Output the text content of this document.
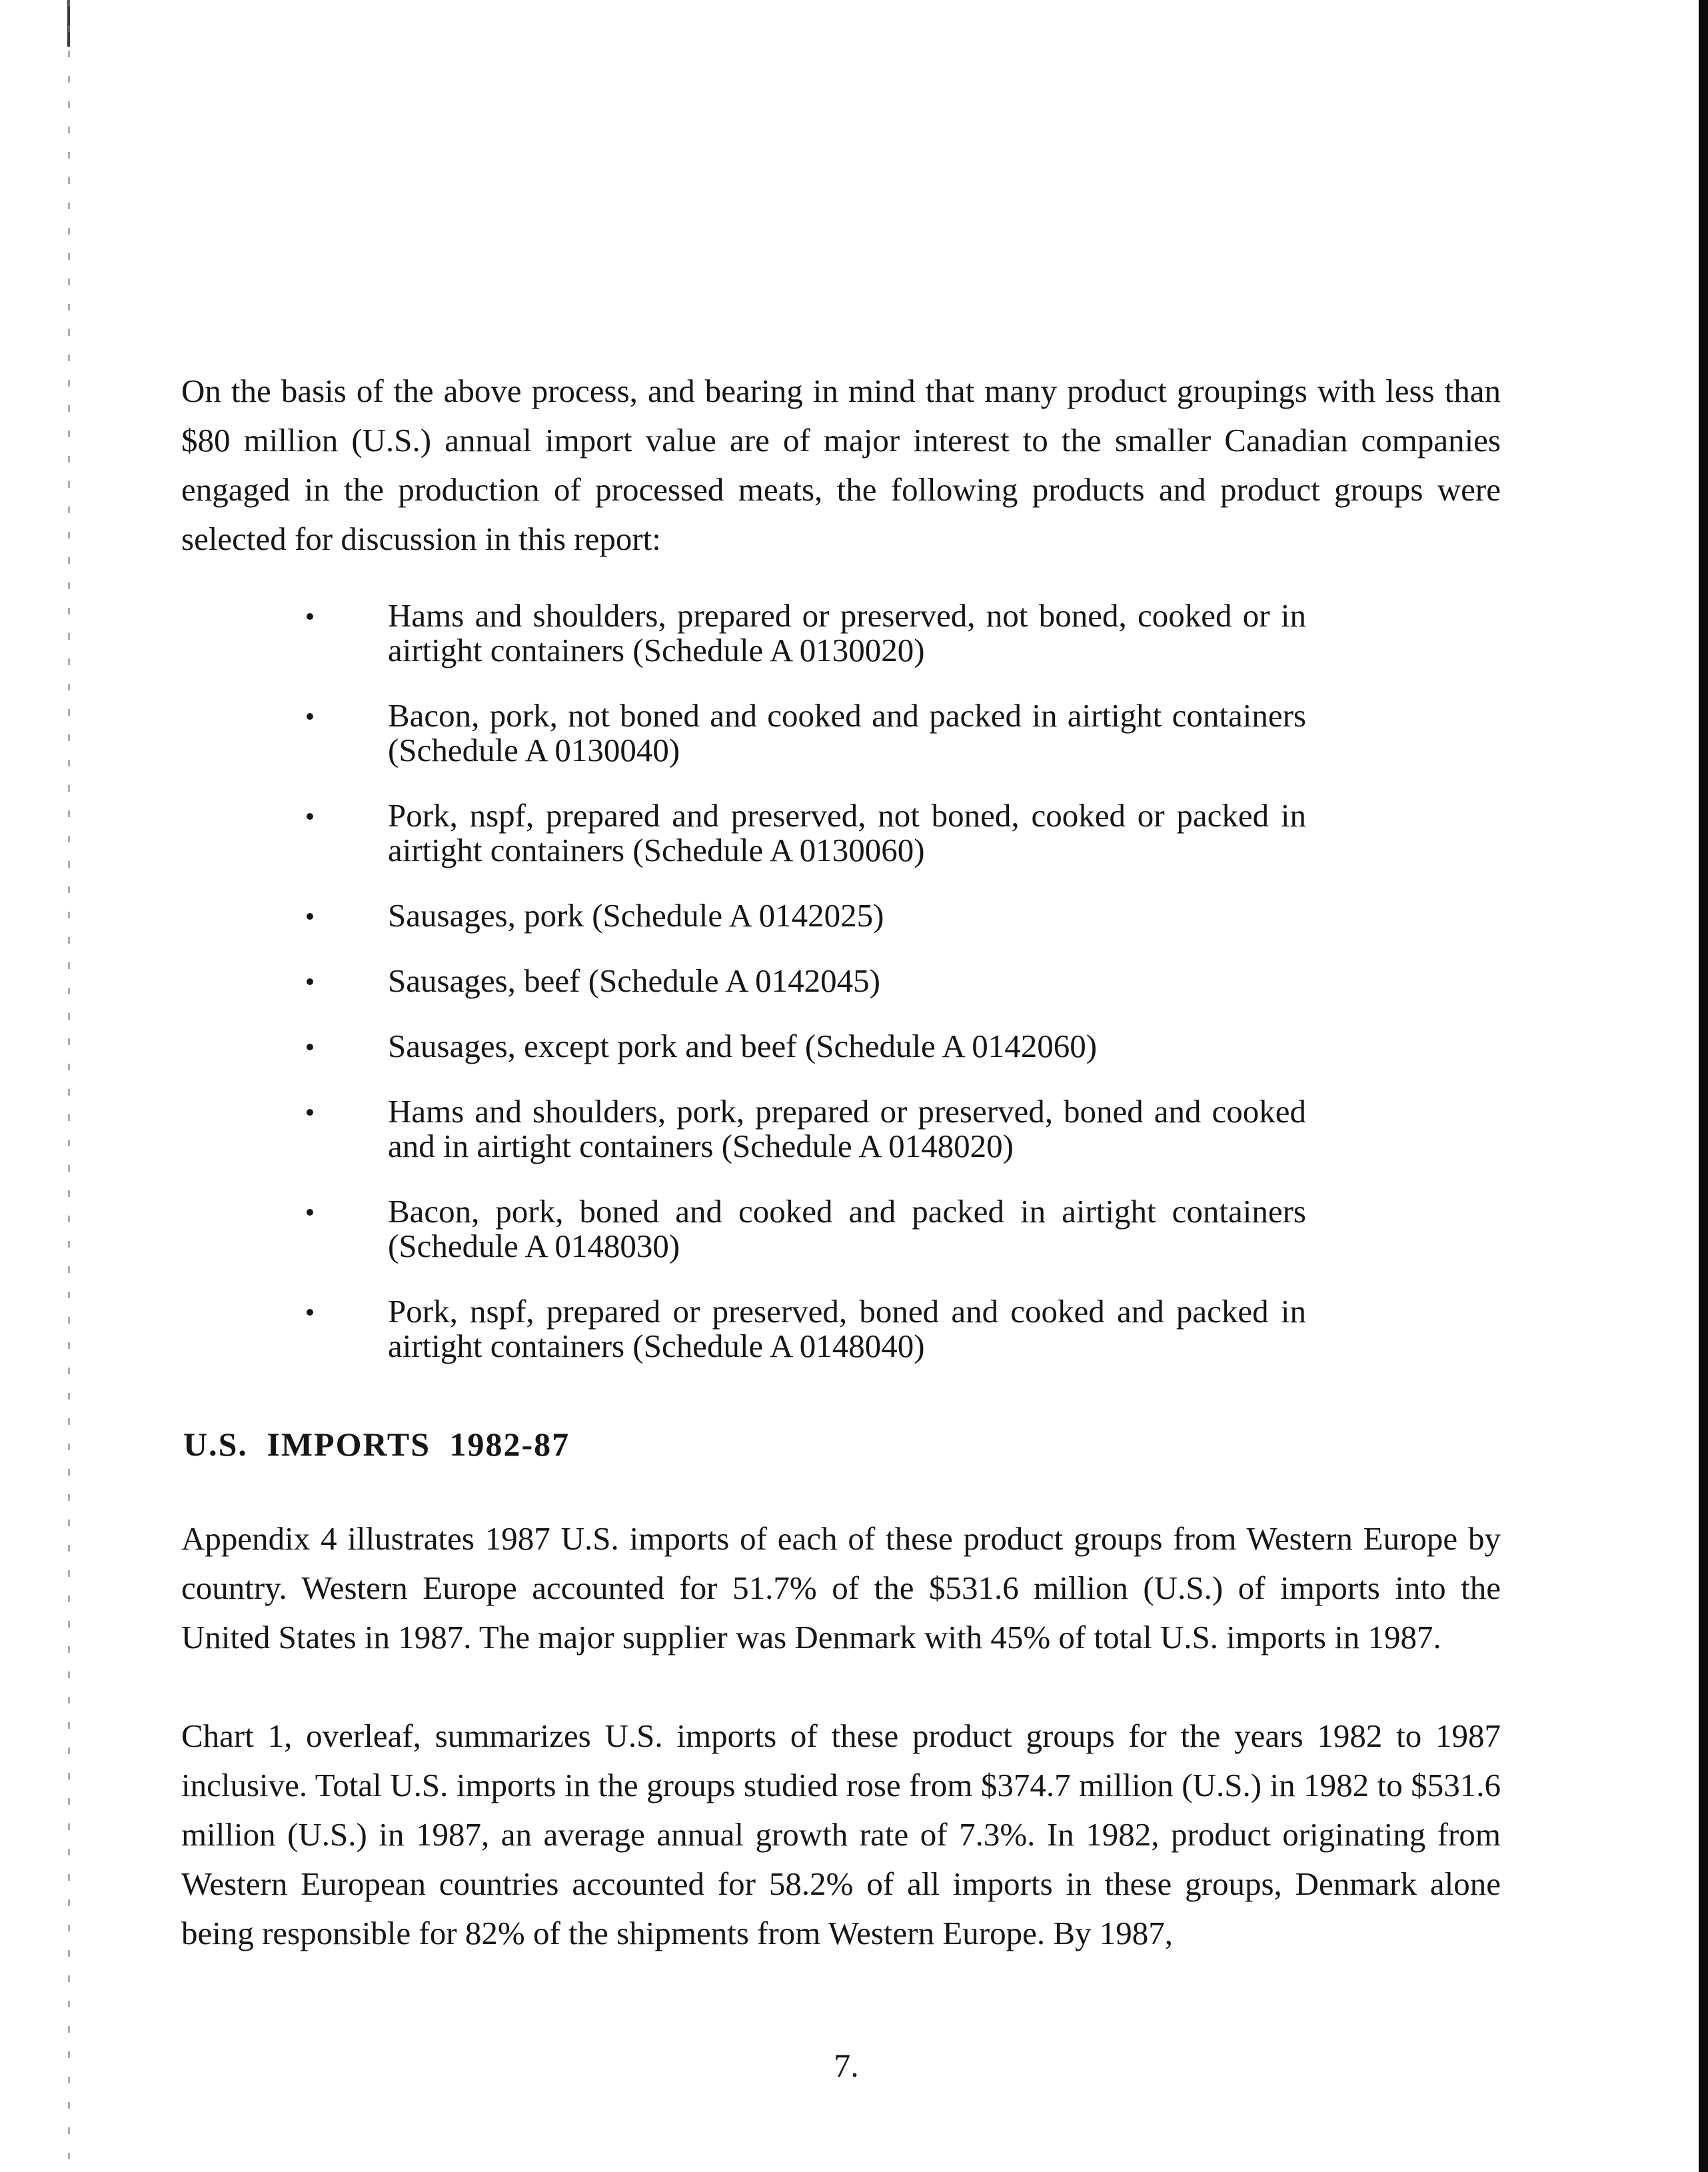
On the basis of the above process, and bearing in mind that many product groupings with less than $80 million (U.S.) annual import value are of major interest to the smaller Canadian companies engaged in the production of processed meats, the following products and product groups were selected for discussion in this report:

Hams and shoulders, prepared or preserved, not boned, cooked or in airtight containers (Schedule A 0130020)
Bacon, pork, not boned and cooked and packed in airtight containers (Schedule A 0130040)
Pork, nspf, prepared and preserved, not boned, cooked or packed in airtight containers (Schedule A 0130060)
Sausages, pork (Schedule A 0142025)
Sausages, beef (Schedule A 0142045)
Sausages, except pork and beef (Schedule A 0142060)
Hams and shoulders, pork, prepared or preserved, boned and cooked and in airtight containers (Schedule A 0148020)
Bacon, pork, boned and cooked and packed in airtight containers (Schedule A 0148030)
Pork, nspf, prepared or preserved, boned and cooked and packed in airtight containers (Schedule A 0148040)
U.S. IMPORTS 1982-87

Appendix 4 illustrates 1987 U.S. imports of each of these product groups from Western Europe by country. Western Europe accounted for 51.7% of the $531.6 million (U.S.) of imports into the United States in 1987. The major supplier was Denmark with 45% of total U.S. imports in 1987.

Chart 1, overleaf, summarizes U.S. imports of these product groups for the years 1982 to 1987 inclusive. Total U.S. imports in the groups studied rose from $374.7 million (U.S.) in 1982 to $531.6 million (U.S.) in 1987, an average annual growth rate of 7.3%. In 1982, product originating from Western European countries accounted for 58.2% of all imports in these groups, Denmark alone being responsible for 82% of the shipments from Western Europe. By 1987,

7.
